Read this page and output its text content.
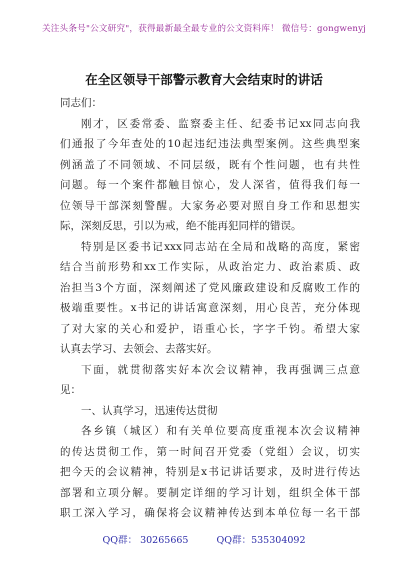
关注头条号"公文研究"，获得最新最全最专业的公文资料库！ 微信号：gongwenyj
在全区领导干部警示教育大会结束时的讲话
同志们：
刚才，区委常委、监察委主任、纪委书记xx同志向我
们通报了今年查处的10起违纪违法典型案例。这些典型案
例涵盖了不同领域、不同层级，既有个性问题，也有共性
问题。每一个案件都触目惊心，发人深省，值得我们每一
位领导干部深刻警醒。大家务必要对照自身工作和思想实
际，深刻反思，引以为戒，绝不能再犯同样的错误。
特别是区委书记xxx同志站在全局和战略的高度，紧密
结合当前形势和xx工作实际，从政治定力、政治素质、政
治担当3个方面，深刻阐述了党风廉政建设和反腐败工作的
极端重要性。x书记的讲话寓意深刻，用心良苦，充分体现
了对大家的关心和爱护，语重心长，字字千钧。希望大家
认真去学习、去领会、去落实好。
下面，就贯彻落实好本次会议精神，我再强调三点意
见：
一、认真学习，迅速传达贯彻
各乡镇（城区）和有关单位要高度重视本次会议精神
的传达贯彻工作，第一时间召开党委（党组）会议，切实
把今天的会议精神，特别是x书记讲话要求，及时进行传达
部署和立项分解。要制定详细的学习计划，组织全体干部
职工深入学习，确保将会议精神传达到本单位每一名干部
QQ群： 30265665	QQ群：535304092
